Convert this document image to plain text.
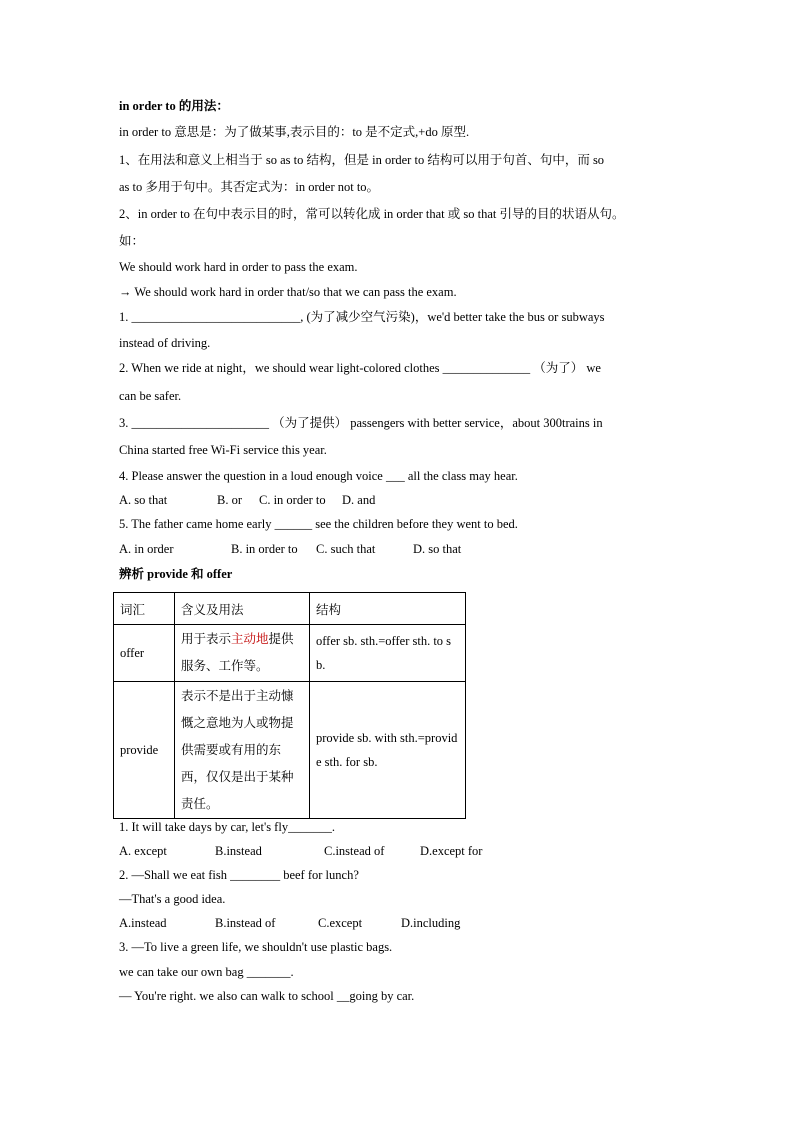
in order to 的用法：
in order to 意思是：为了做某事,表示目的：to 是不定式,+do 原型.
1、在用法和意义上相当于 so as to 结构，但是 in order to 结构可以用于句首、句中，而 so
as to 多用于句中。其否定式为：in order not to。
2、in order to 在句中表示目的时，常可以转化成 in order that 或 so that 引导的目的状语从句。
如：
We should work hard in order to pass the exam.
→ We should work hard in order that/so that we can pass the exam.
1. ___________________________, (为了减少空气污染)，we'd better take the bus or subways
instead of driving.
2. When we ride at night，we should wear light-colored clothes ______________ （为了） we
can be safer.
3. ______________________ （为了提供） passengers with better service，about 300trains in
China started free Wi-Fi service this year.
4. Please answer the question in a loud enough voice ___ all the class may hear.
A. so that	B. or C. in order to D. and
5. The father came home early ______ see the children before they went to bed.
A. in order	B. in order to C. such that	D. so that
辨析 provide 和 offer
词汇	含义及用法	结构
offer	用于表示主动地提供服务、工作等。	offer sb. sth.=offer sth. to sb.
provide	表示不是出于主动慷慨之意地为人或物提供需要或有用的东西，仅仅是出于某种责任。	provide sb. with sth.=provide sth. for sb.
1. It will take days by car, let's fly_______.
A. except	B.instead	C.instead of	D.except for
2. —Shall we eat fish ________ beef for lunch?
—That's a good idea.
A.instead	B.instead of	C.except	D.including
3. —To live a green life, we shouldn't use plastic bags.
we can take our own bag _______.
— You're right. we also can walk to school __going by car.
